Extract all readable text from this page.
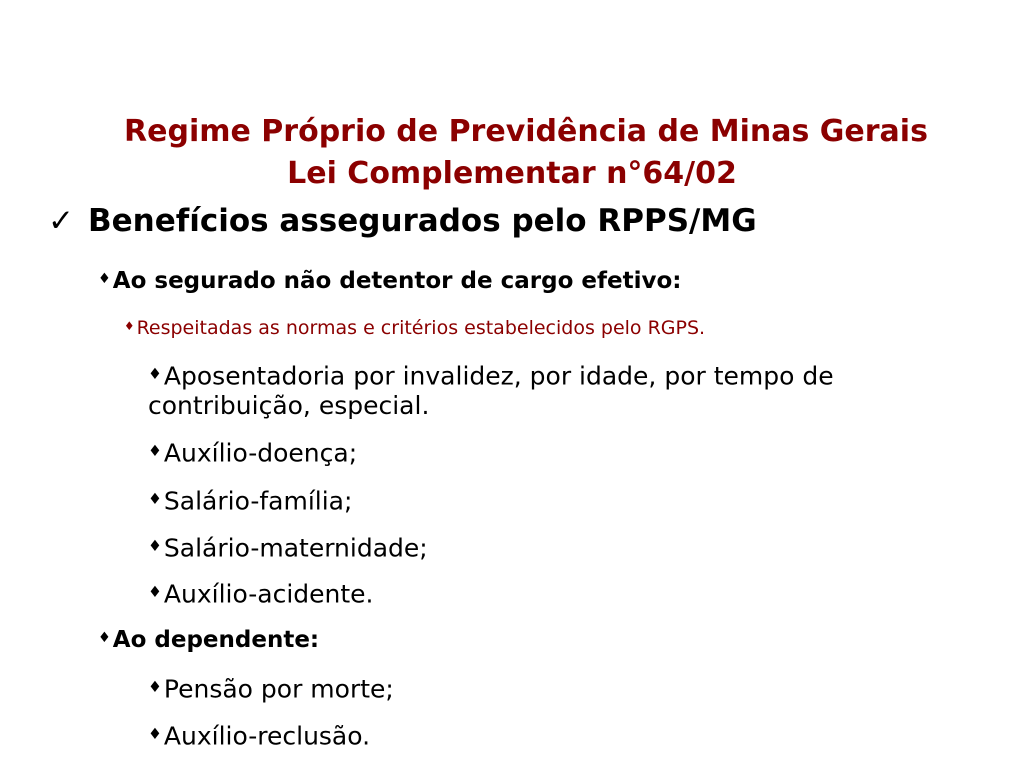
Regime Próprio de Previdência de Minas Gerais
Lei Complementar n°64/02
✓ Benefícios assegurados pelo RPPS/MG
♦Ao segurado não detentor de cargo efetivo:
♦ Respeitadas as normas e critérios estabelecidos pelo RGPS.
♦Aposentadoria por invalidez, por idade, por tempo de contribuição, especial.
♦Auxílio-doença;
♦Salário-família;
♦Salário-maternidade;
♦Auxílio-acidente.
♦Ao dependente:
♦Pensão por morte;
♦Auxílio-reclusão.
